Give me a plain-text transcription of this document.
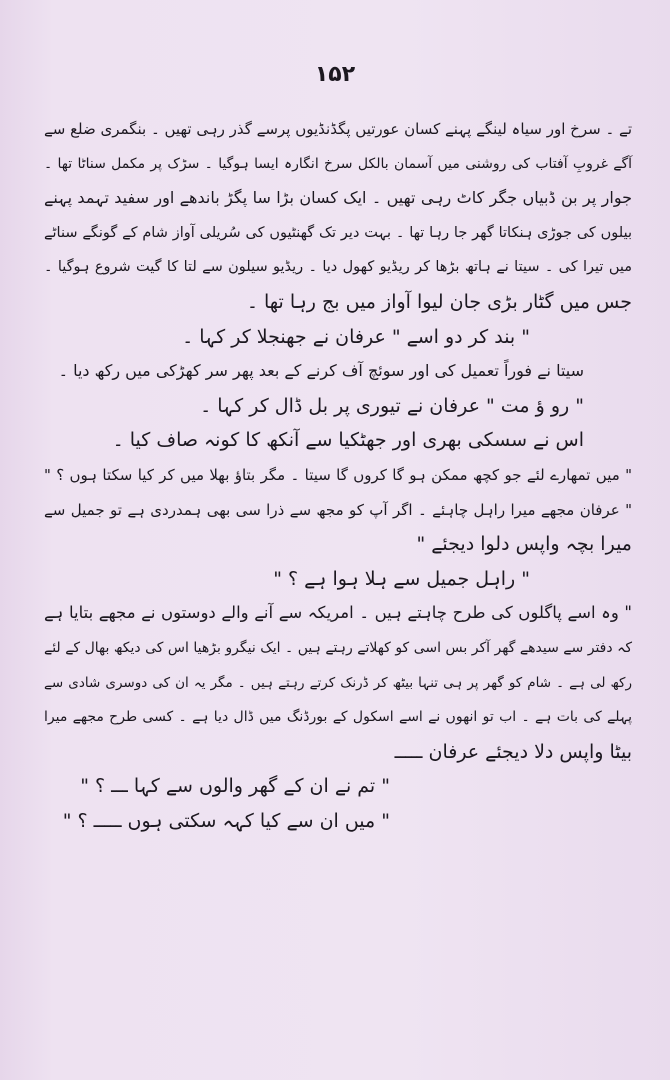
۱۵۲
تے ۔ سرخ اور سیاہ لینگے پہنے کسان عورتیں پگڈنڈیوں پرسے گذر رہی تھیں ۔ بنگمری ضلع سے
آگے غروبِ آفتاب کی روشنی میں آسمان بالکل سرخ انگارہ ایسا ہوگیا ۔ سڑک پر مکمل سناٹا تھا ۔
جوار پر بن ڈبیاں جگر کاٹ رہی تھیں ۔ ایک کسان بڑا سا پگڑ باندھے اور سفید تہمد پہنے
بیلوں کی جوڑی ہنکاتا گھر جا رہا تھا ۔ بہت دیر تک گھنٹیوں کی سُریلی آواز شام کے گونگے سناٹے
میں تیرا کی ۔ سیتا نے ہاتھ بڑھا کر ریڈیو کھول دیا ۔ ریڈیو سیلون سے لتا کا گیت شروع ہوگیا ۔
جس میں گٹار بڑی جان لیوا آواز میں بج رہا تھا ۔
" بند کر دو اسے " عرفان نے جھنجلا کر کہا ۔
سیتا نے فوراً تعمیل کی اور سوئچ آف کرنے کے بعد پھر سر کھڑکی میں رکھ دیا ۔
" رو ؤ مت " عرفان نے تیوری پر بل ڈال کر کہا ۔
اس نے سسکی بھری اور جھٹکیا سے آنکھ کا کونہ صاف کیا ۔
" میں تمھارے لئے جو کچھ ممکن ہو گا کروں گا سیتا ۔ مگر بتاؤ بھلا میں کر کیا سکتا ہوں ؟ "
" عرفان مجھے میرا راہل چاہئے ۔ اگر آپ کو مجھ سے ذرا سی بھی ہمدردی ہے تو جمیل سے
میرا بچہ واپس دلوا دیجئے "
" راہل جمیل سے ہلا ہوا ہے ؟ "
" وہ اسے پاگلوں کی طرح چاہتے ہیں ۔ امریکہ سے آنے والے دوستوں نے مجھے بتایا ہے
کہ دفتر سے سیدھے گھر آکر بس اسی کو کھلاتے رہتے ہیں ۔ ایک نیگرو بڑھیا اس کی دیکھ بھال کے لئے
رکھ لی ہے ۔ شام کو گھر پر ہی تنہا بیٹھ کر ڈرنک کرتے رہتے ہیں ۔ مگر یہ ان کی دوسری شادی سے
پہلے کی بات ہے ۔ اب تو انھوں نے اسے اسکول کے بورڈنگ میں ڈال دیا ہے ۔ کسی طرح مجھے میرا
بیٹا واپس دلا دیجئے عرفان ـــــ
" تم نے ان کے گھر والوں سے کہا ـــ ؟ "
" میں ان سے کیا کہہ سکتی ہوں ـــــ ؟ "
